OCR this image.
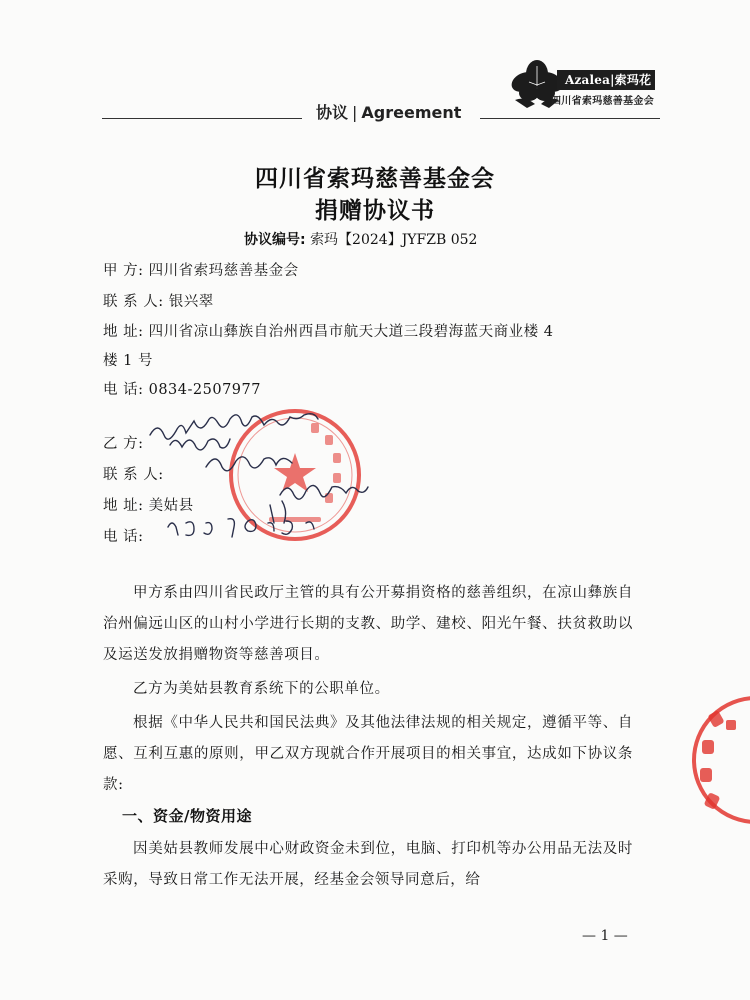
Azalea|索玛花
四川省索玛慈善基金会
协议 | Agreement
四川省索玛慈善基金会
捐赠协议书
协议编号: 索玛【2024】JYFZB 052
甲 方: 四川省索玛慈善基金会
联 系 人: 银兴翠
地 址: 四川省凉山彝族自治州西昌市航天大道三段碧海蓝天商业楼 4
楼 1 号
电 话: 0834-2507977
乙 方:
联 系 人:
地 址: 美姑县
电 话:
甲方系由四川省民政厅主管的具有公开募捐资格的慈善组织，在凉山彝族自治州偏远山区的山村小学进行长期的支教、助学、建校、阳光午餐、扶贫救助以及运送发放捐赠物资等慈善项目。
乙方为美姑县教育系统下的公职单位。
根据《中华人民共和国民法典》及其他法律法规的相关规定，遵循平等、自愿、互利互惠的原则，甲乙双方现就合作开展项目的相关事宜，达成如下协议条款:
一、资金/物资用途
因美姑县教师发展中心财政资金未到位，电脑、打印机等办公用品无法及时采购，导致日常工作无法开展，经基金会领导同意后，给
— 1 —
